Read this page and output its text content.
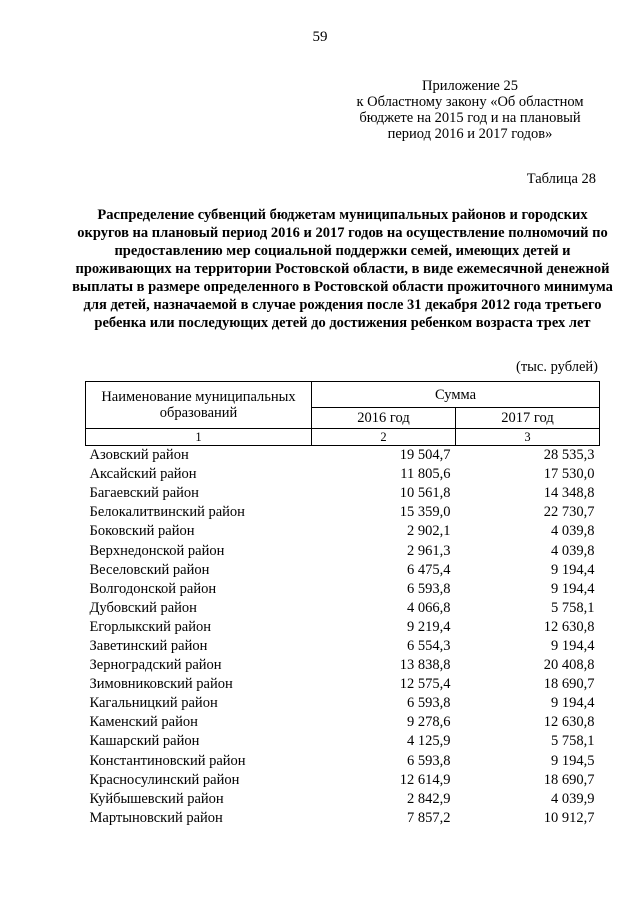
59
Приложение 25
к Областному закону «Об областном
бюджете на 2015 год и на плановый
период 2016 и 2017 годов»
Таблица 28
Распределение субвенций бюджетам муниципальных районов и городских округов на плановый период 2016 и 2017 годов на осуществление полномочий по предоставлению мер социальной поддержки семей, имеющих детей и проживающих на территории Ростовской области, в виде ежемесячной денежной выплаты в размере определенного в Ростовской области прожиточного минимума для детей, назначаемой в случае рождения после 31 декабря 2012 года третьего ребенка или последующих детей до достижения ребенком возраста трех лет
(тыс. рублей)
Наименование муниципальных образований	Сумма	
	2016 год	2017 год
1	2	3
Азовский район	19 504,7	28 535,3
Аксайский район	11 805,6	17 530,0
Багаевский район	10 561,8	14 348,8
Белокалитвинский район	15 359,0	22 730,7
Боковский район	2 902,1	4 039,8
Верхнедонской район	2 961,3	4 039,8
Веселовский район	6 475,4	9 194,4
Волгодонской район	6 593,8	9 194,4
Дубовский район	4 066,8	5 758,1
Егорлыкский район	9 219,4	12 630,8
Заветинский район	6 554,3	9 194,4
Зерноградский район	13 838,8	20 408,8
Зимовниковский район	12 575,4	18 690,7
Кагальницкий район	6 593,8	9 194,4
Каменский район	9 278,6	12 630,8
Кашарский район	4 125,9	5 758,1
Константиновский район	6 593,8	9 194,5
Красносулинский район	12 614,9	18 690,7
Куйбышевский район	2 842,9	4 039,9
Мартыновский район	7 857,2	10 912,7
